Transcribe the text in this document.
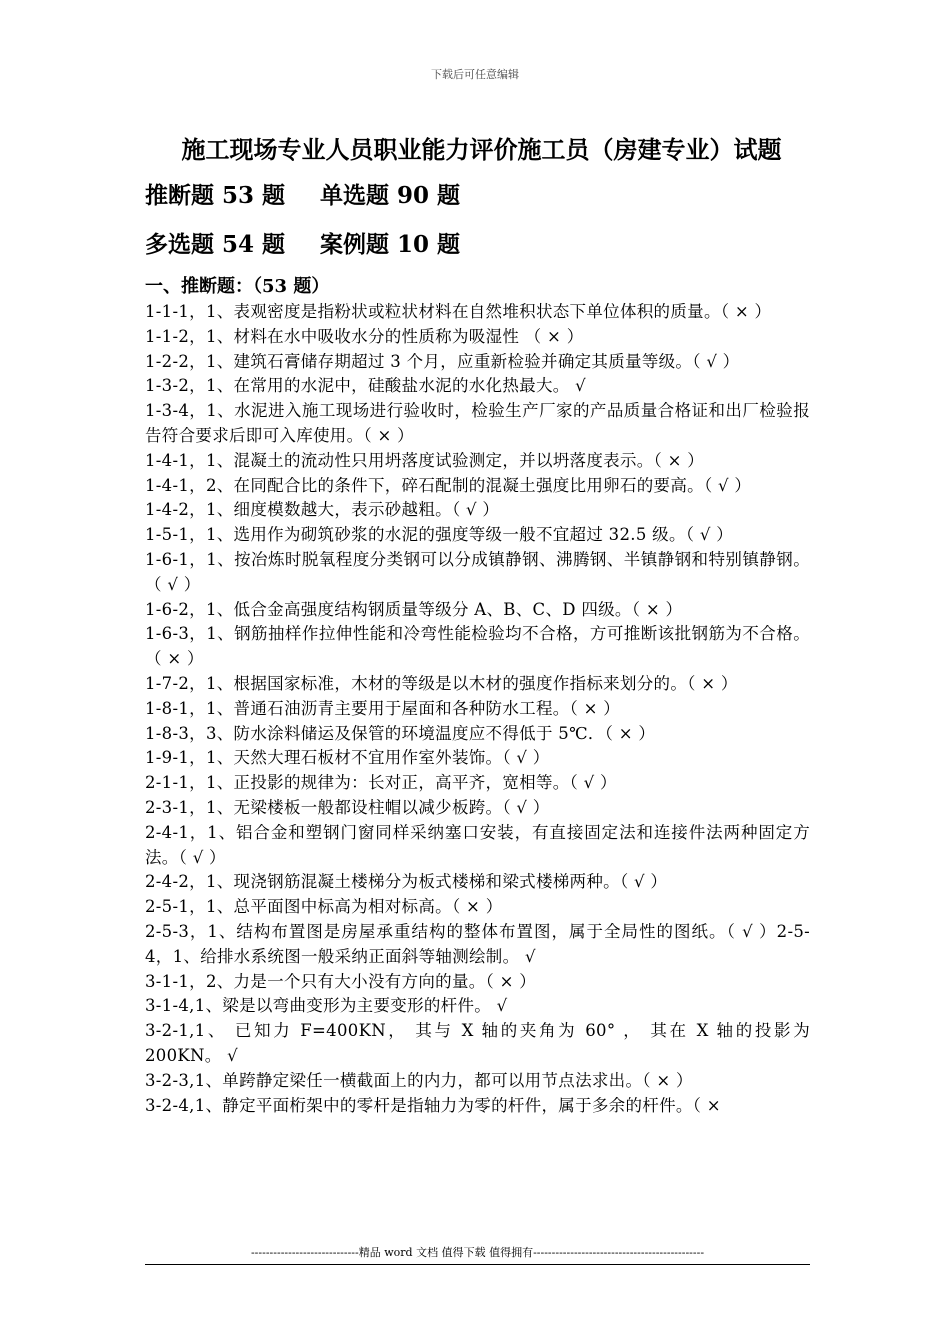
下载后可任意编辑
施工现场专业人员职业能力评价施工员（房建专业）试题
推断题 53 题 单选题 90 题
多选题 54 题 案例题 10 题
一、推断题：（53 题）
1-1-1，1、表观密度是指粉状或粒状材料在自然堆积状态下单位体积的质量。（ × ）
1-1-2，1、材料在水中吸收水分的性质称为吸湿性 （ × ）
1-2-2，1、建筑石膏储存期超过 3 个月，应重新检验并确定其质量等级。（ √ ）
1-3-2，1、在常用的水泥中，硅酸盐水泥的水化热最大。 √
1-3-4，1、水泥进入施工现场进行验收时，检验生产厂家的产品质量合格证和出厂检验报告符合要求后即可入库使用。（ × ）
1-4-1，1、混凝土的流动性只用坍落度试验测定，并以坍落度表示。（ × ）
1-4-1，2、在同配合比的条件下，碎石配制的混凝土强度比用卵石的要高。（ √ ）
1-4-2，1、细度模数越大，表示砂越粗。（ √ ）
1-5-1，1、选用作为砌筑砂浆的水泥的强度等级一般不宜超过 32.5 级。（ √ ）
1-6-1，1、按冶炼时脱氧程度分类钢可以分成镇静钢、沸腾钢、半镇静钢和特别镇静钢。（ √ ）
1-6-2，1、低合金高强度结构钢质量等级分 A、B、C、D 四级。（ × ）
1-6-3，1、钢筋抽样作拉伸性能和冷弯性能检验均不合格，方可推断该批钢筋为不合格。（ × ）
1-7-2，1、根据国家标准，木材的等级是以木材的强度作指标来划分的。（ × ）
1-8-1，1、普通石油沥青主要用于屋面和各种防水工程。（ × ）
1-8-3，3、防水涂料储运及保管的环境温度应不得低于 5℃．（ × ）
1-9-1，1、天然大理石板材不宜用作室外装饰。（ √ ）
2-1-1，1、正投影的规律为：长对正，高平齐，宽相等。（ √ ）
2-3-1，1、无梁楼板一般都设柱帽以减少板跨。（ √ ）
2-4-1，1、铝合金和塑钢门窗同样采纳塞口安装，有直接固定法和连接件法两种固定方法。（ √ ）
2-4-2，1、现浇钢筋混凝土楼梯分为板式楼梯和梁式楼梯两种。（ √ ）
2-5-1，1、总平面图中标高为相对标高。（ × ）
2-5-3，1、结构布置图是房屋承重结构的整体布置图，属于全局性的图纸。（ √ ）2-5-4，1、给排水系统图一般采纳正面斜等轴测绘制。 √
3-1-1，2、力是一个只有大小没有方向的量。（ × ）
3-1-4,1、梁是以弯曲变形为主要变形的杆件。 √
3-2-1,1、 已知力 F=400KN， 其与 X 轴的夹角为 60° ， 其在 X 轴的投影为 200KN。 √
3-2-3,1、单跨静定梁任一横截面上的内力，都可以用节点法求出。（ × ）
3-2-4,1、静定平面桁架中的零杆是指轴力为零的杆件，属于多余的杆件。（ ×
-----------------------------精品 word 文档 值得下载 值得拥有----------------------------------------------
